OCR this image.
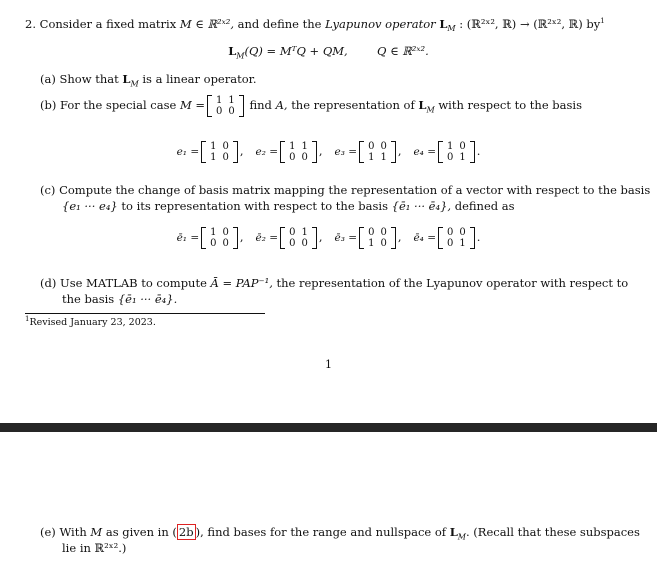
2. Consider a fixed matrix M ∈ ℝ²ˣ², and define the Lyapunov operator $L_M$ : (ℝ²ˣ², ℝ) → (ℝ²ˣ², ℝ) $by^1$
$L_M(Q)$ = MᵀQ + QM,	Q ∈ ℝ²ˣ².
(a) Show that $L_M$ is a linear operator.
(b) For the special case M = 1	1
0	0 find A, the representation of $L_M$ with respect to the basis
e₁ = 1	0
1	0 , e₂ = 1	1
0	0 , e₃ = 0	0
1	1 , e₄ = 1	0
0	1 .
(c) Compute the change of basis matrix mapping the representation of a vector with respect to the basis
{e₁ ··· e₄} to its representation with respect to the basis {ē₁ ··· ē₄}, defined as
ē₁ = 1	0
0	0 , ē₂ = 0	1
0	0 , ē₃ = 0	0
1	0 , ē₄ = 0	0
0	1 .
(d) Use MATLAB to compute Ā = PAP⁻¹, the representation of the Lyapunov operator with respect to
the basis {ē₁ ··· ē₄}.
$^1$Revised January 23, 2023.
1
(e) With M as given in ( 2b ), find bases for the range and nullspace of $L_M$. (Recall that these subspaces
lie in ℝ²ˣ².)
